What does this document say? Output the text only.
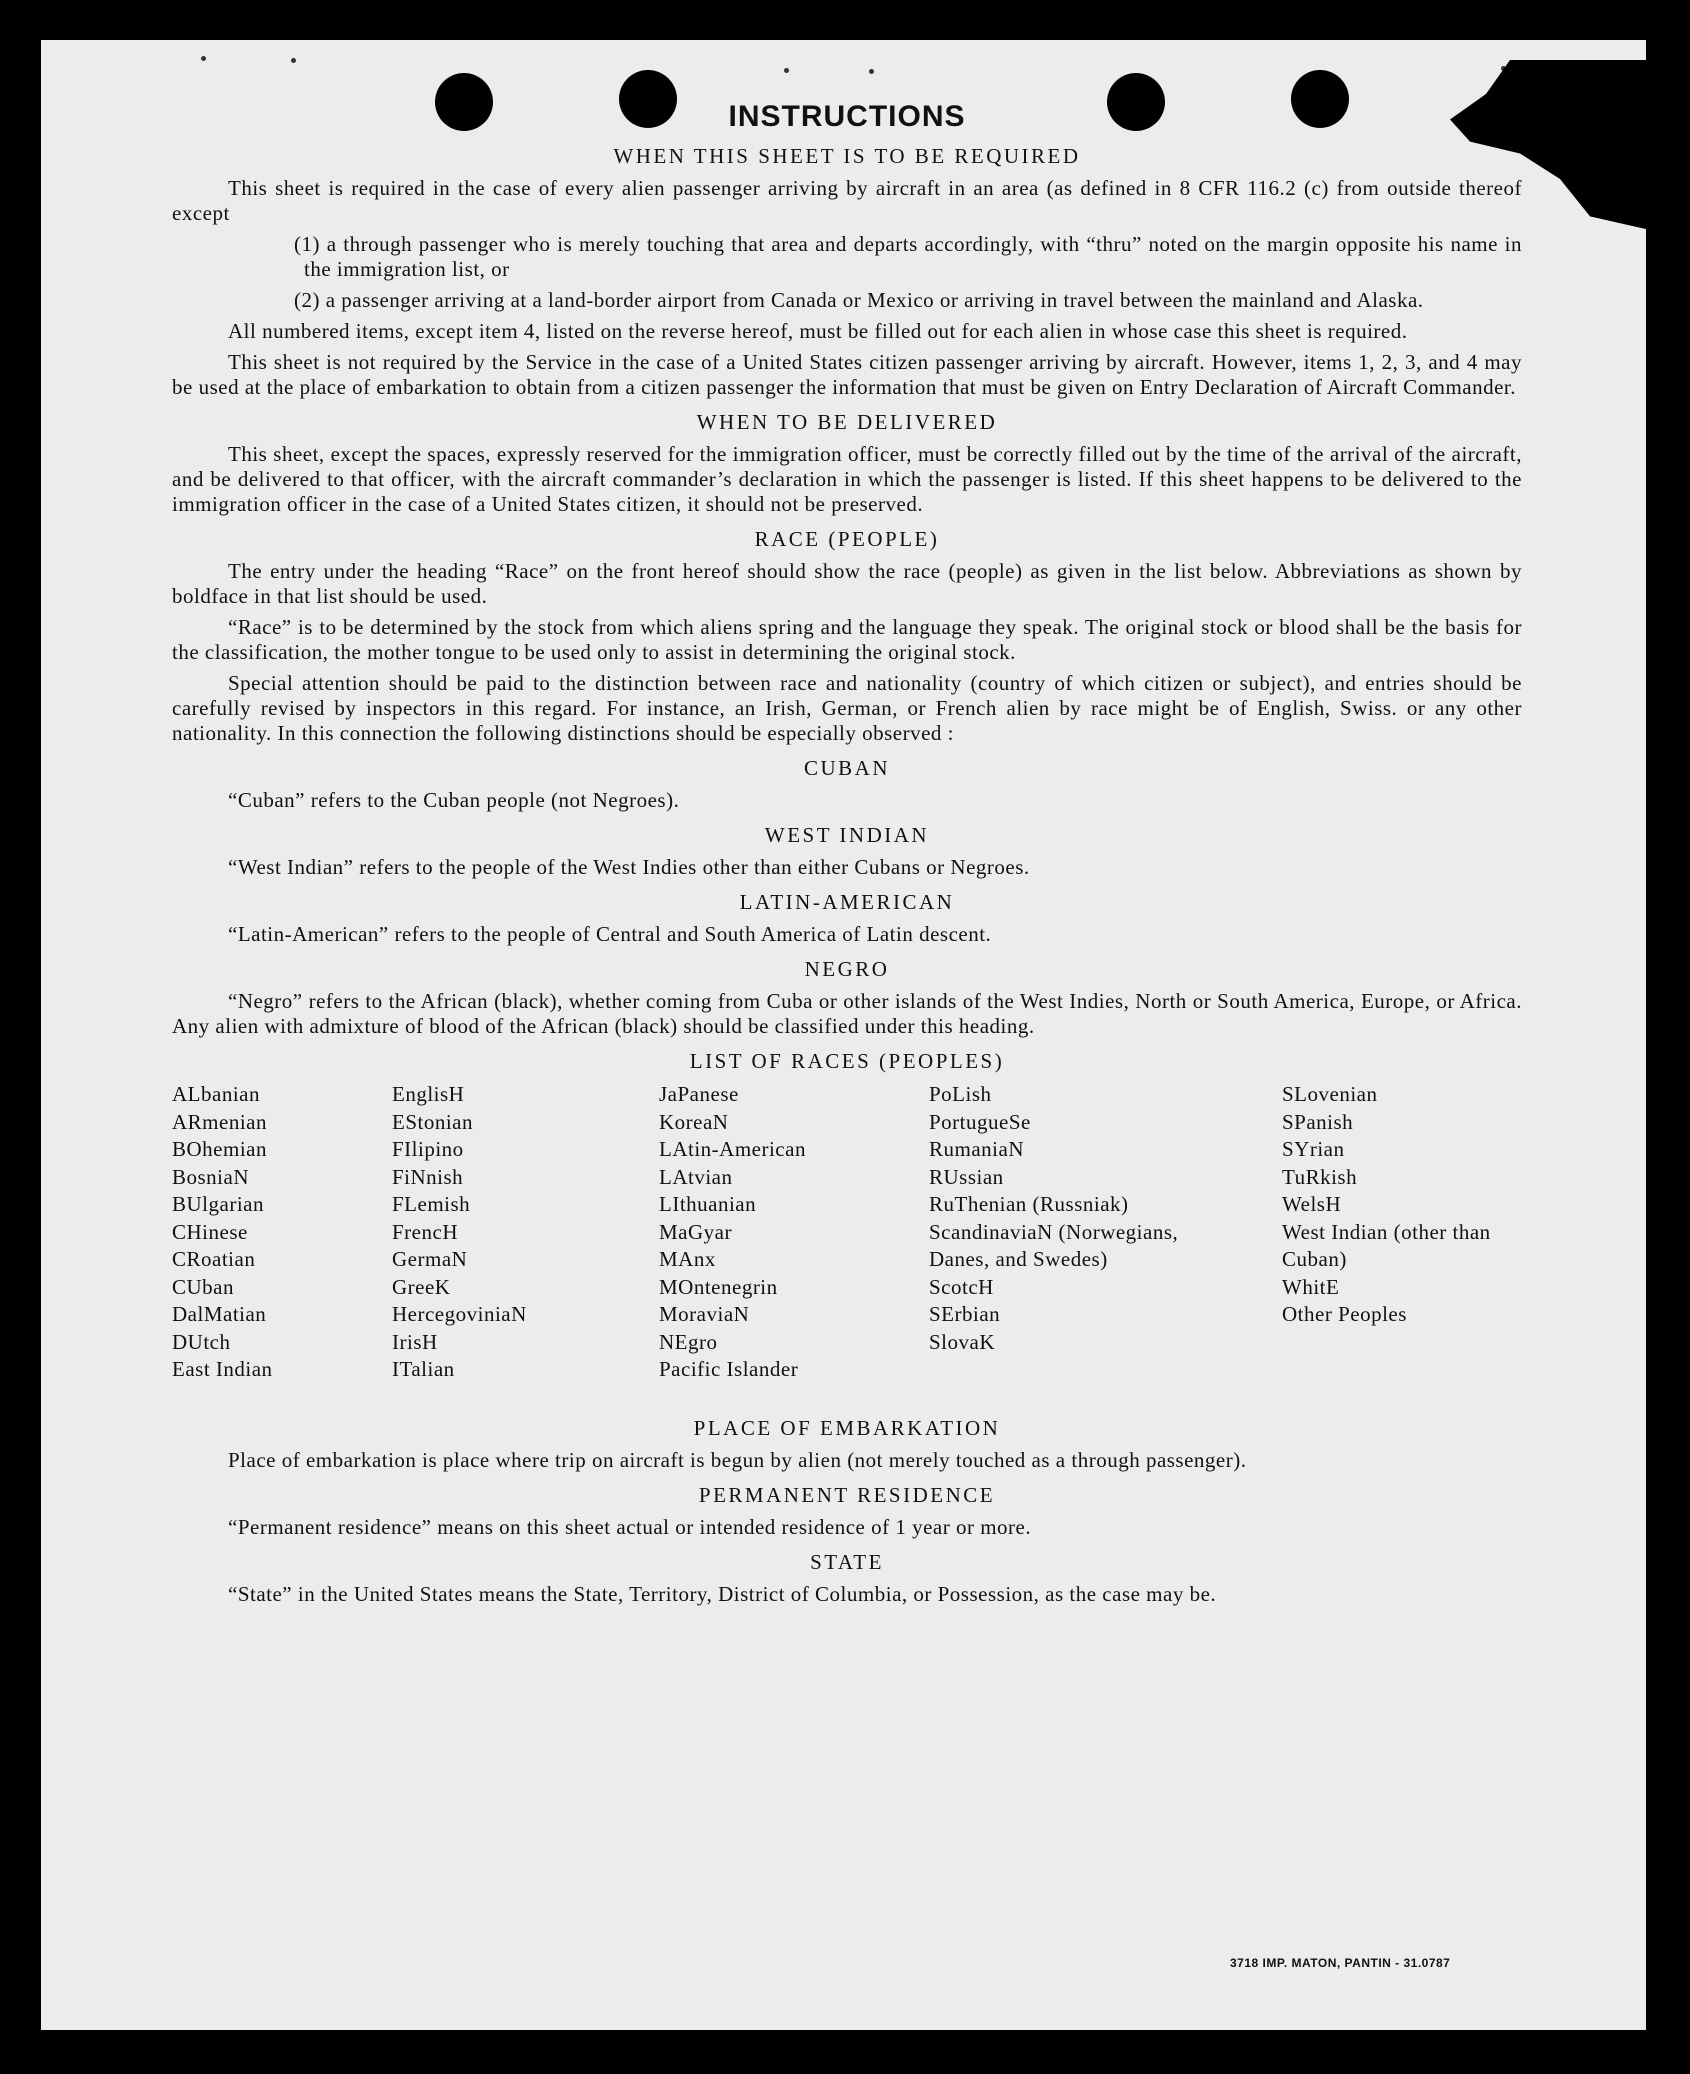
INSTRUCTIONS
WHEN THIS SHEET IS TO BE REQUIRED

This sheet is required in the case of every alien passenger arriving by aircraft in an area (as defined in 8 CFR 116.2 (c) from outside thereof except

(1) a through passenger who is merely touching that area and departs accordingly, with “thru” noted on the margin opposite his name in the immigration list, or

(2) a passenger arriving at a land-border airport from Canada or Mexico or arriving in travel between the mainland and Alaska.

All numbered items, except item 4, listed on the reverse hereof, must be filled out for each alien in whose case this sheet is required.

This sheet is not required by the Service in the case of a United States citizen passenger arriving by aircraft. However, items 1, 2, 3, and 4 may be used at the place of embarkation to obtain from a citizen passenger the information that must be given on Entry Declaration of Aircraft Commander.

WHEN TO BE DELIVERED

This sheet, except the spaces, expressly reserved for the immigration officer, must be correctly filled out by the time of the arrival of the aircraft, and be delivered to that officer, with the aircraft commander’s declaration in which the passenger is listed. If this sheet happens to be delivered to the immigration officer in the case of a United States citizen, it should not be preserved.

RACE (PEOPLE)

The entry under the heading “Race” on the front hereof should show the race (people) as given in the list below. Abbreviations as shown by boldface in that list should be used.

“Race” is to be determined by the stock from which aliens spring and the language they speak. The original stock or blood shall be the basis for the classification, the mother tongue to be used only to assist in determining the original stock.

Special attention should be paid to the distinction between race and nationality (country of which citizen or subject), and entries should be carefully revised by inspectors in this regard. For instance, an Irish, German, or French alien by race might be of English, Swiss. or any other nationality. In this connection the following distinctions should be especially observed :

CUBAN

“Cuban” refers to the Cuban people (not Negroes).

WEST INDIAN

“West Indian” refers to the people of the West Indies other than either Cubans or Negroes.

LATIN-AMERICAN

“Latin-American” refers to the people of Central and South America of Latin descent.

NEGRO

“Negro” refers to the African (black), whether coming from Cuba or other islands of the West Indies, North or South America, Europe, or Africa. Any alien with admixture of blood of the African (black) should be classified under this heading.

LIST OF RACES (PEOPLES)
ALbanian
ARmenian
BOhemian
BosniaN
BUlgarian
CHinese
CRoatian
CUban
DalMatian
DUtch
East Indian
EnglisH
EStonian
FIlipino
FiNnish
FLemish
FrencH
GermaN
GreeK
HercegoviniaN
IrisH
ITalian
JaPanese
KoreaN
LAtin-American
LAtvian
LIthuanian
MaGyar
MAnx
MOntenegrin
MoraviaN
NEgro
Pacific Islander
PoLish
PortugueSe
RumaniaN
RUssian
RuThenian (Russniak)
ScandinaviaN (Norwegians, Danes, and Swedes)
ScotcH
SErbian
SlovaK
SLovenian
SPanish
SYrian
TuRkish
WelsH
West Indian (other than Cuban)
WhitE
Other Peoples
PLACE OF EMBARKATION

Place of embarkation is place where trip on aircraft is begun by alien (not merely touched as a through passenger).

PERMANENT RESIDENCE

“Permanent residence” means on this sheet actual or intended residence of 1 year or more.

STATE

“State” in the United States means the State, Territory, District of Columbia, or Possession, as the case may be.

3718 IMP. MATON, PANTIN - 31.0787
